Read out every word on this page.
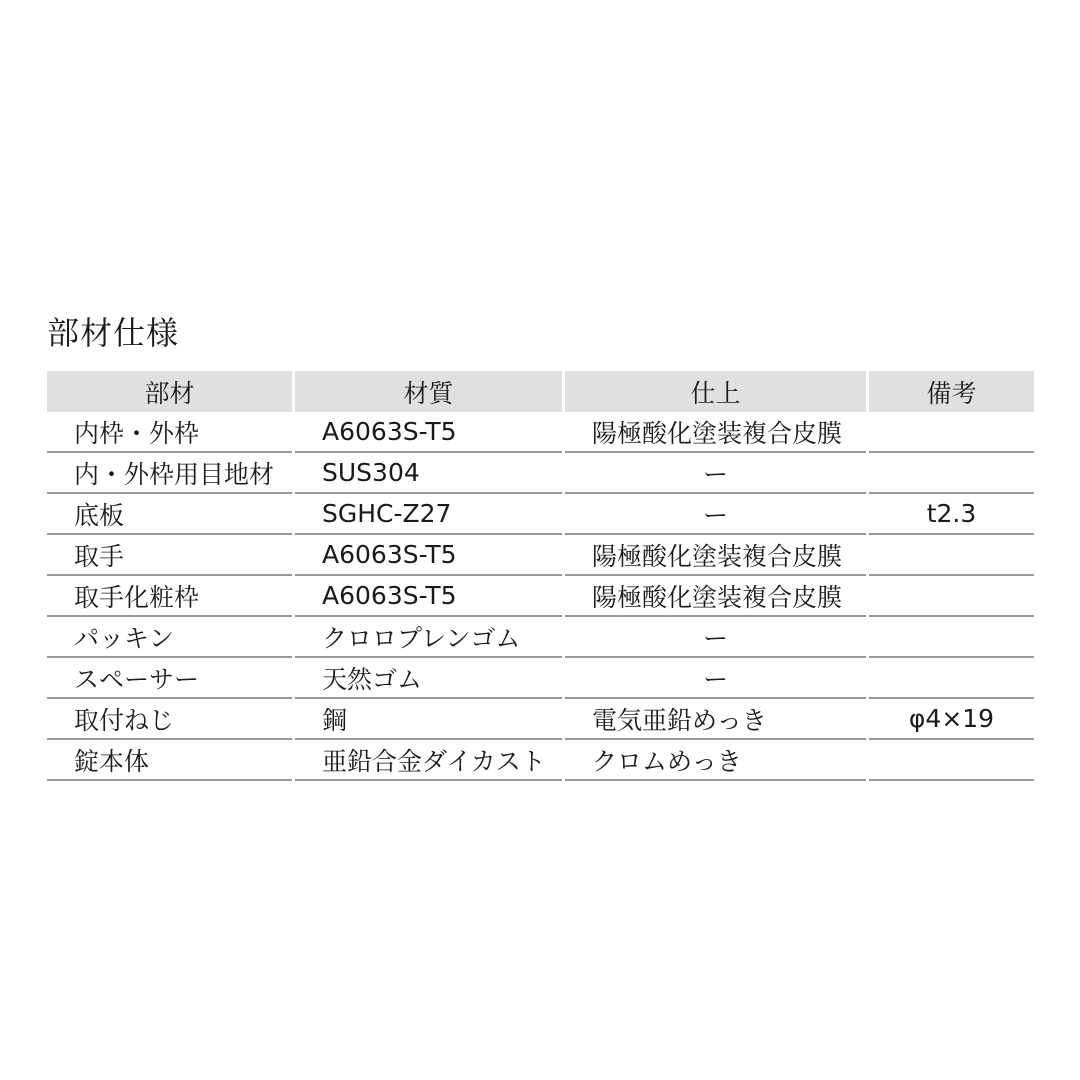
部材仕様
部材	材質	仕上	備考
内枠・外枠	A6063S-T5	陽極酸化塗装複合皮膜
内・外枠用目地材	SUS304	ー
底板	SGHC-Z27	ー	t2.3
取手	A6063S-T5	陽極酸化塗装複合皮膜
取手化粧枠	A6063S-T5	陽極酸化塗装複合皮膜
パッキン	クロロプレンゴム	ー
スペーサー	天然ゴム	ー
取付ねじ	鋼	電気亜鉛めっき	φ4×19
錠本体	亜鉛合金ダイカスト	クロムめっき
